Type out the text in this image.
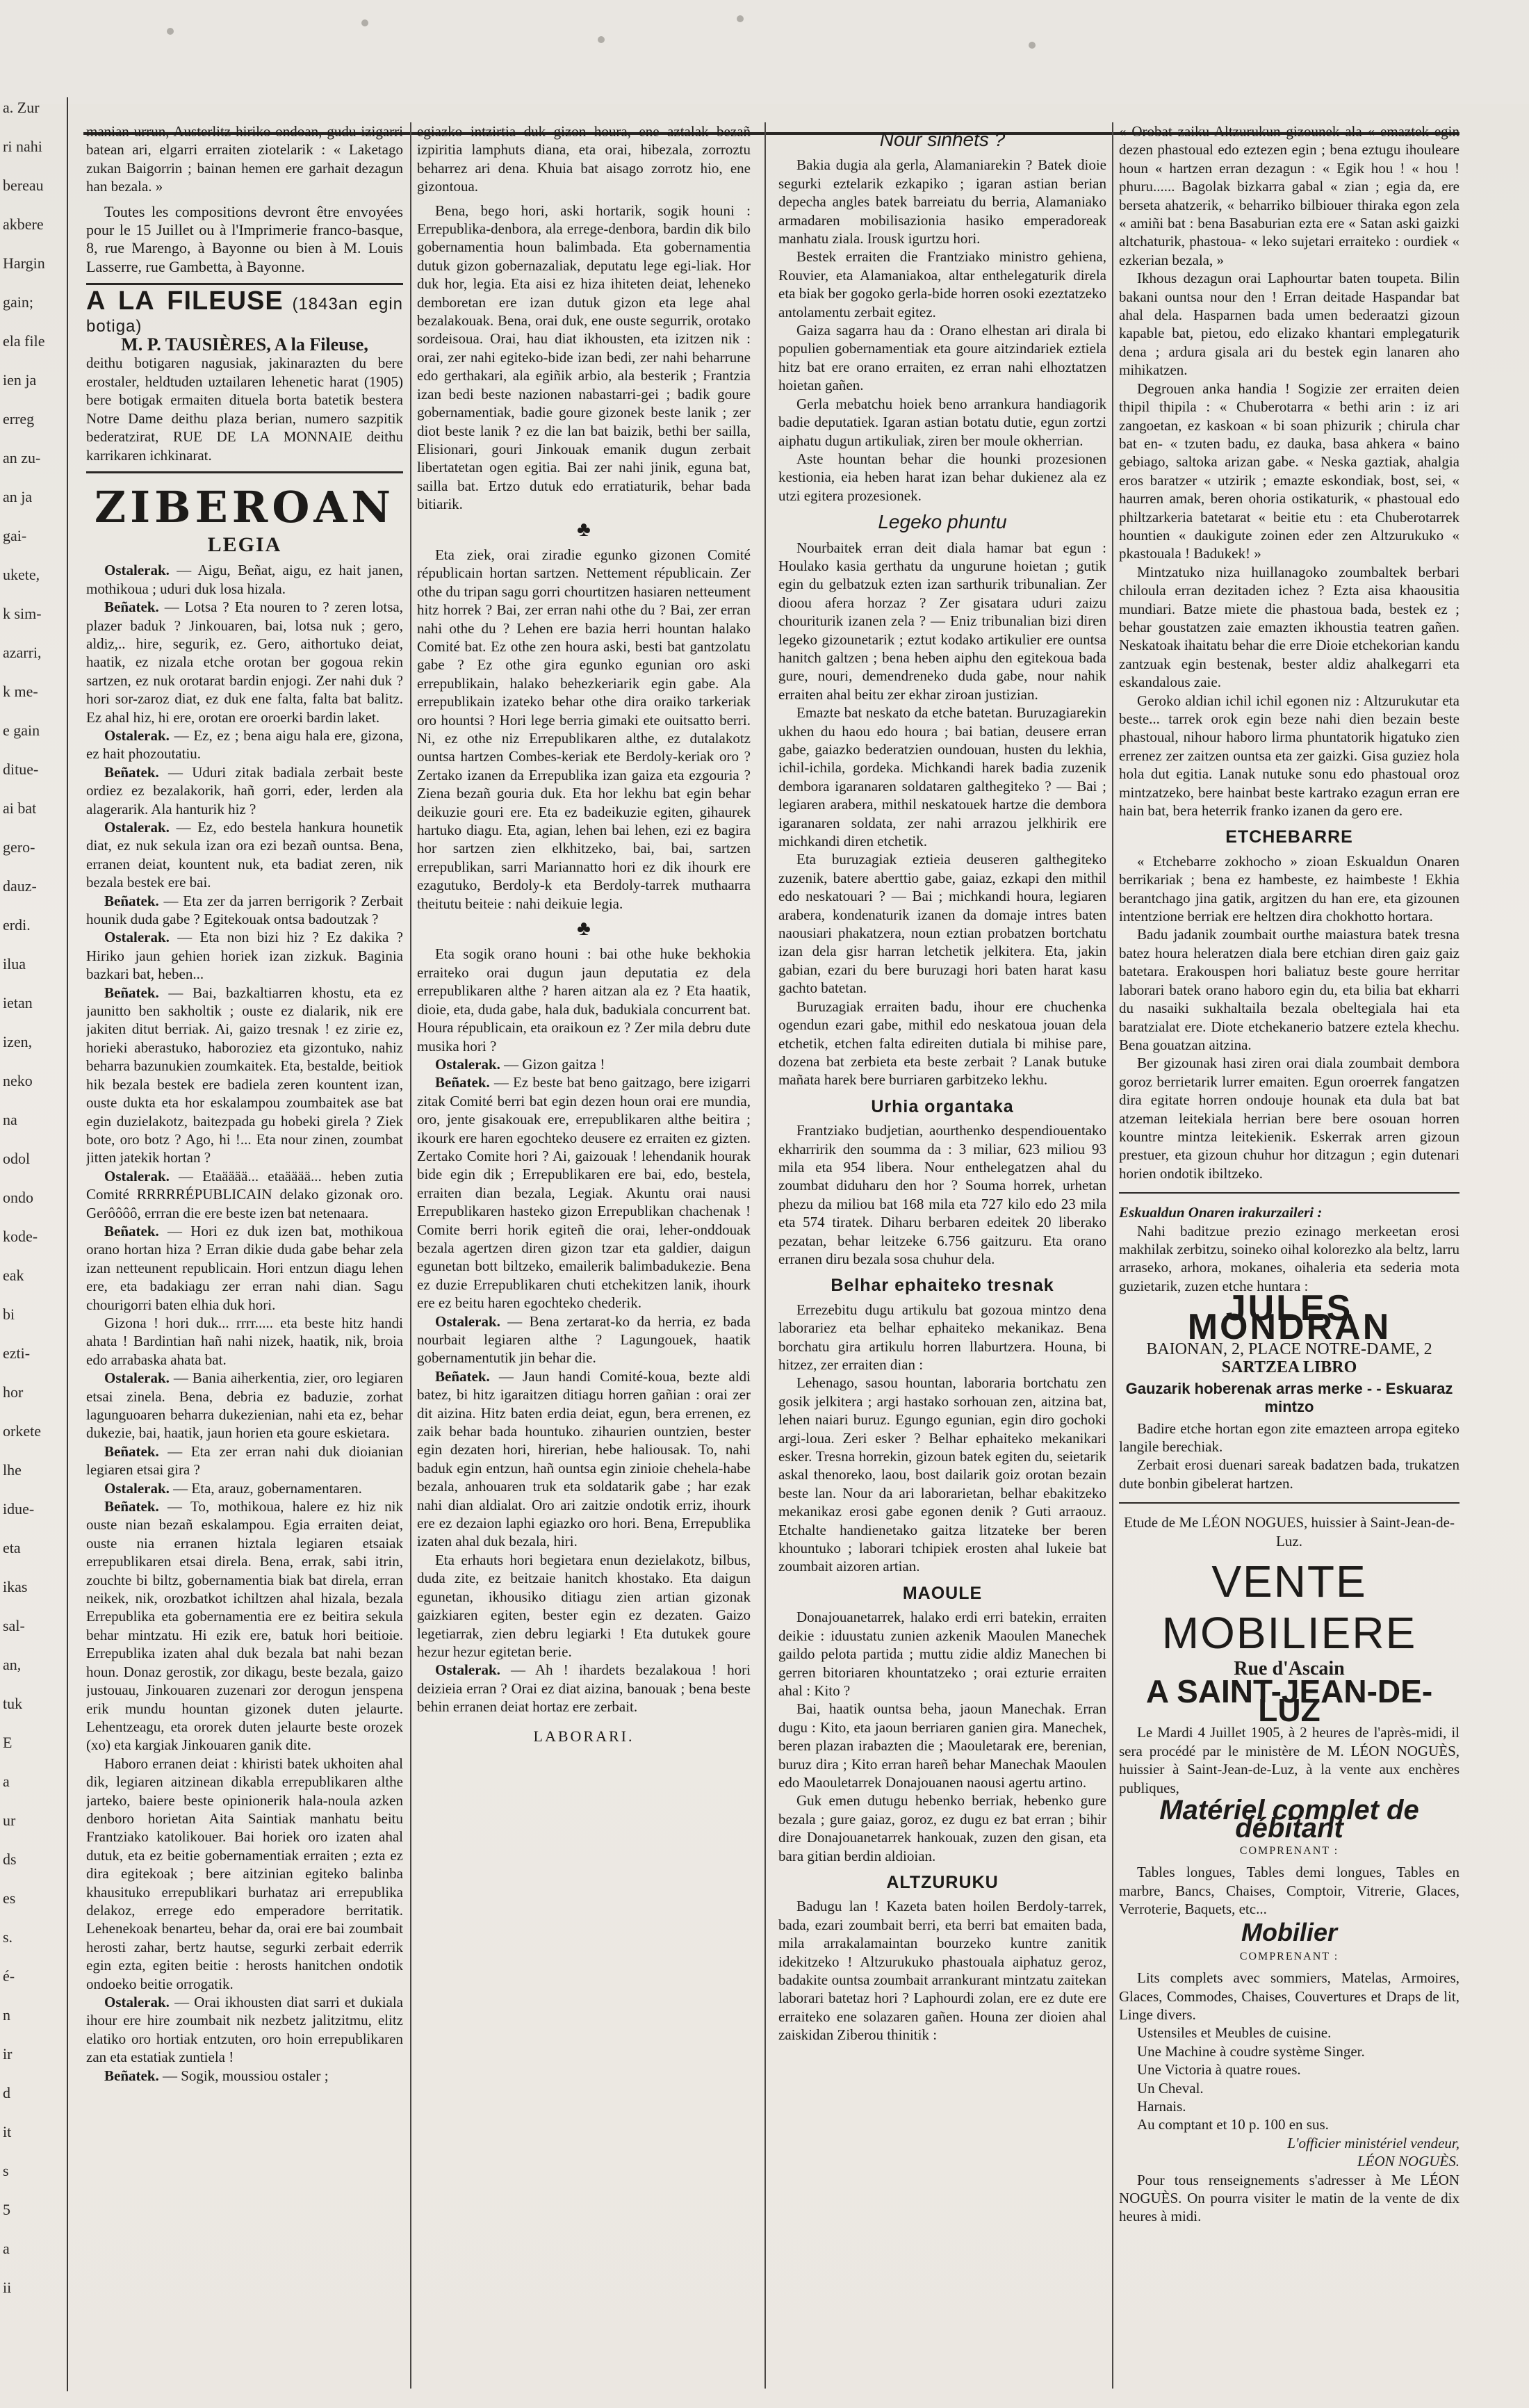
a. Zur
ri nahi
bereau
akbere
Hargin
gain;
ela file
ien ja
erreg
an zu-
an ja
gai-
ukete,
k sim-
azarri,
k me-
e gain
ditue-
ai bat
gero-
dauz-
erdi.
ilua
ietan
izen,
neko
na
odol
ondo
kode-
eak
bi
ezti-
hor
orkete
lhe
idue-
eta
ikas
sal-
an,
tuk
E
a
ur
ds
es
s.
é-
n
ir
d
it
s
5
a
ii

manian urrun, Austerlitz hiriko ondoan, gudu izigarri batean ari, elgarri erraiten ziotelarik : « Laketago zukan Baigorrin ; bainan hemen ere garhait dezagun han bezala. »

Toutes les compositions devront être envoyées pour le 15 Juillet ou à l'Imprimerie franco-basque, 8, rue Marengo, à Bayonne ou bien à M. Louis Lasserre, rue Gambetta, à Bayonne.

A LA FILEUSE (1843an egin botiga)
M. P. TAUSIÈRES, A la Fileuse,

deithu botigaren nagusiak, jakinarazten du bere erostaler, heldtuden uztailaren lehenetic harat (1905) bere botigak ermaiten dituela borta batetik bestera Notre Dame deithu plaza berian, numero sazpitik bederatzirat, RUE DE LA MONNAIE deithu karrikaren ichkinarat.

ZIBEROAN
LEGIA

Ostalerak. — Aigu, Beñat, aigu, ez hait janen, mothikoua ; uduri duk losa hizala.

Beñatek. — Lotsa ? Eta nouren to ? zeren lotsa, plazer baduk ? Jinkouaren, bai, lotsa nuk ; gero, aldiz,.. hire, segurik, ez. Gero, aithortuko deiat, haatik, ez nizala etche orotan ber gogoua rekin sartzen, ez nuk orotarat bardin enjogi. Zer nahi duk ? hori sor-zaroz diat, ez duk ene falta, falta bat balitz. Ez ahal hiz, hi ere, orotan ere oroerki bardin laket.

Ostalerak. — Ez, ez ; bena aigu hala ere, gizona, ez hait phozoutatiu.

Beñatek. — Uduri zitak badiala zerbait beste ordiez ez bezalakorik, hañ gorri, eder, lerden ala alagerarik. Ala hanturik hiz ?

Ostalerak. — Ez, edo bestela hankura hounetik diat, ez nuk sekula izan ora ezi bezañ ountsa. Bena, erranen deiat, kountent nuk, eta badiat zeren, nik bezala bestek ere bai.

Beñatek. — Eta zer da jarren berrigorik ? Zerbait hounik duda gabe ? Egitekouak ontsa badoutzak ?

Ostalerak. — Eta non bizi hiz ? Ez dakika ? Hiriko jaun gehien horiek izan zizkuk. Baginia bazkari bat, heben...

Beñatek. — Bai, bazkaltiarren khostu, eta ez jaunitto ben sakholtik ; ouste ez dialarik, nik ere jakiten ditut berriak. Ai, gaizo tresnak ! ez zirie ez, horieki aberastuko, haboroziez eta gizontuko, nahiz beharra bazunukien zoumkaitek. Eta, bestalde, beitiok hik bezala bestek ere badiela zeren kountent izan, ouste dukta eta hor eskalampou zoumbaitek ase bat egin duzielakotz, baitezpada gu hobeki girela ? Ziek bote, oro botz ? Ago, hi !... Eta nour zinen, zoumbat jitten jatekik hortan ?

Ostalerak. — Etaääää... etaääää... heben zutia Comité RRRRRÉPUBLICAIN delako gizonak oro. Gerôôôô, errran die ere beste izen bat netenaara.

Beñatek. — Hori ez duk izen bat, mothikoua orano hortan hiza ? Erran dikie duda gabe behar zela izan netteunent republicain. Hori entzun diagu lehen ere, eta badakiagu zer erran nahi dian. Sagu chourigorri baten elhia duk hori.

Gizona ! hori duk... rrrr..... eta beste hitz handi ahata ! Bardintian hañ nahi nizek, haatik, nik, broia edo arrabaska ahata bat.

Ostalerak. — Bania aiherkentia, zier, oro legiaren etsai zinela. Bena, debria ez baduzie, zorhat lagunguoaren beharra dukezienian, nahi eta ez, behar dukezie, bai, haatik, jaun horien eta goure eskietara.

Beñatek. — Eta zer erran nahi duk dioianian legiaren etsai gira ?

Ostalerak. — Eta, arauz, gobernamentaren.

Beñatek. — To, mothikoua, halere ez hiz nik ouste nian bezañ eskalampou. Egia erraiten deiat, ouste nia erranen hiztala legiaren etsaiak errepublikaren etsai direla. Bena, errak, sabi itrin, zouchte bi biltz, gobernamentia biak bat direla, erran neikek, nik, orozbatkot ichiltzen ahal hizala, bezala Errepublika eta gobernamentia ere ez beitira sekula behar mintzatu. Hi ezik ere, batuk hori beitioie. Errepublika izaten ahal duk bezala bat nahi bezan houn. Donaz gerostik, zor dikagu, beste bezala, gaizo justouau, Jinkouaren zuzenari zor derogun jenspena erik mundu hountan gizonek duten jelaurte. Lehentzeagu, eta ororek duten jelaurte beste orozek (xo) eta kargiak Jinkouaren ganik dite.

Haboro erranen deiat : khiristi batek ukhoiten ahal dik, legiaren aitzinean dikabla errepublikaren althe jarteko, baiere beste opinionerik hala-noula azken denboro horietan Aita Saintiak manhatu beitu Frantziako katolikouer. Bai horiek oro izaten ahal dutuk, eta ez beitie gobernamentiak erraiten ; ezta ez dira egitekoak ; bere aitzinian egiteko balinba khausituko errepublikari burhataz ari errepublika delakoz, errege edo emperadore berritatik. Lehenekoak benarteu, behar da, orai ere bai zoumbait herosti zahar, bertz hautse, segurki zerbait ederrik egin ezta, egiten beitie : herosts hanitchen ondotik ondoeko beitie orrogatik.

Ostalerak. — Orai ikhousten diat sarri et dukiala ihour ere hire zoumbait nik nezbetz jalitzitmu, elitz elatiko oro hortiak entzuten, oro hoin errepublikaren zan eta estatiak zuntiela !

Beñatek. — Sogik, moussiou ostaler ;

egiazko intzirtia duk gizon houra, ene aztalak bezañ izpiritia lamphuts diana, eta orai, hibezala, zorroztu beharrez ari dena. Khuia bat aisago zorrotz hio, ene gizontoua.

Bena, bego hori, aski hortarik, sogik houni : Errepublika-denbora, ala errege-denbora, bardin dik bilo gobernamentia houn balimbada. Eta gobernamentia dutuk gizon gobernazaliak, deputatu lege egi-liak. Hor duk hor, legia. Eta aisi ez hiza ihiteten deiat, leheneko demboretan ere izan dutuk gizon eta lege ahal bezalakouak. Bena, orai duk, ene ouste segurrik, orotako sordeisoua. Orai, hau diat ikhousten, eta izitzen nik : orai, zer nahi egiteko-bide izan bedi, zer nahi beharrune edo gerthakari, ala egiñik arbio, ala besterik ; Frantzia izan bedi beste nazionen nabastarri-gei ; badik goure gobernamentiak, badie goure gizonek beste lanik ; zer diot beste lanik ? ez die lan bat baizik, bethi ber sailla, Elisionari, gouri Jinkouak emanik dugun zerbait libertatetan ogen egitia. Bai zer nahi jinik, eguna bat, sailla bat. Ertzo dutuk edo erratiaturik, behar bada bitiarik.

♣

Eta ziek, orai ziradie egunko gizonen Comité républicain hortan sartzen. Nettement républicain. Zer othe du tripan sagu gorri chourtitzen hasiaren netteument hitz horrek ? Bai, zer erran nahi othe du ? Bai, zer erran nahi othe du ? Lehen ere bazia herri hountan halako Comité bat. Ez othe zen houra aski, besti bat gantzolatu gabe ? Ez othe gira egunko egunian oro aski errepublikain, halako behezkeriarik egin gabe. Ala errepublikain izateko behar othe dira oraiko tarkeriak oro hountsi ? Hori lege berria gimaki ete ouitsatto berri. Ni, ez othe niz Errepublikaren althe, ez dutalakotz ountsa hartzen Combes-keriak ete Berdoly-keriak oro ? Zertako izanen da Errepublika izan gaiza eta ezgouria ? Ziena bezañ gouria duk. Eta hor lekhu bat egin behar deikuzie gouri ere. Eta ez badeikuzie egiten, gihaurek hartuko diagu. Eta, agian, lehen bai lehen, ezi ez bagira hor sartzen zien elkhitzeko, bai, bai, sartzen errepublikan, sarri Mariannatto hori ez dik ihourk ere ezagutuko, Berdoly-k eta Berdoly-tarrek muthaarra theitutu beiteie : nahi deikuie legia.

♣

Eta sogik orano houni : bai othe huke bekhokia erraiteko orai dugun jaun deputatia ez dela errepublikaren althe ? haren aitzan ala ez ? Eta haatik, dioie, eta, duda gabe, hala duk, badukiala concurrent bat. Houra républicain, eta oraikoun ez ? Zer mila debru dute musika hori ?

Ostalerak. — Gizon gaitza !

Beñatek. — Ez beste bat beno gaitzago, bere izigarri zitak Comité berri bat egin dezen houn orai ere mundia, oro, jente gisakouak ere, errepublikaren althe beitira ; ikourk ere haren egochteko deusere ez erraiten ez gizten. Zertako Comite hori ? Ai, gaizouak ! lehendanik hourak bide egin dik ; Errepublikaren ere bai, edo, bestela, erraiten dian bezala, Legiak. Akuntu orai nausi Errepublikaren hasteko gizon Errepublikan chachenak ! Comite berri horik egiteñ die orai, leher-onddouak bezala agertzen diren gizon tzar eta galdier, daigun egunetan bott biltzeko, emailerik balimbadukezie. Bena ez duzie Errepublikaren chuti etchekitzen lanik, ihourk ere ez beitu haren egochteko chederik.

Ostalerak. — Bena zertarat-ko da herria, ez bada nourbait legiaren althe ? Lagungouek, haatik gobernamentutik jin behar die.

Beñatek. — Jaun handi Comité-koua, bezte aldi batez, bi hitz igaraitzen ditiagu horren gañian : orai zer dit aizina. Hitz baten erdia deiat, egun, bera errenen, ez zaik behar bada hountuko. zihaurien ountzien, bester egin dezaten hori, hirerian, hebe haliousak. To, nahi baduk egin entzun, hañ ountsa egin zinioie chehela-habe bezala, anhouaren truk eta soldatarik gabe ; har ezak nahi dian aldialat. Oro ari zaitzie ondotik erriz, ihourk ere ez dezaion laphi egiazko oro hori. Bena, Errepublika izaten ahal duk bezala, hiri.

Eta erhauts hori begietara enun dezielakotz, bilbus, duda zite, ez beitzaie hanitch khostako. Eta daigun egunetan, ikhousiko ditiagu zien artian gizonak gaizkiaren egiten, bester egin ez dezaten. Gaizo legetiarrak, zien debru legiarki ! Eta dutukek goure hezur hezur egitetan berie.

Ostalerak. — Ah ! ihardets bezalakoua ! hori deizieia erran ? Orai ez diat aizina, banouak ; bena beste behin erranen deiat hortaz ere zerbait.

LABORARI.
Nour sinhets ?

Bakia dugia ala gerla, Alamaniarekin ? Batek dioie segurki eztelarik ezkapiko ; igaran astian berian depecha angles batek barreiatu du berria, Alamaniako armadaren mobilisazionia hasiko emperadoreak manhatu ziala. Irousk igurtzu hori.

Bestek erraiten die Frantziako ministro gehiena, Rouvier, eta Alamaniakoa, altar enthelegaturik direla eta biak ber gogoko gerla-bide horren osoki ezeztatzeko antolamentu zerbait egitez.

Gaiza sagarra hau da : Orano elhestan ari dirala bi populien gobernamentiak eta goure aitzindariek eztiela hitz bat ere orano erraiten, ez erran nahi elhoztatzen hoietan gañen.

Gerla mebatchu hoiek beno arrankura handiagorik badie deputatiek. Igaran astian botatu dutie, egun zortzi aiphatu dugun artikuliak, ziren ber moule okherrian.

Aste hountan behar die hounki prozesionen kestionia, eia heben harat izan behar dukienez ala ez utzi egitera prozesionek.

Legeko phuntu

Nourbaitek erran deit diala hamar bat egun : Houlako kasia gerthatu da ungurune hoietan ; gutik egin du gelbatzuk ezten izan sarthurik tribunalian. Zer dioou afera horzaz ? Zer gisatara uduri zaizu chouriturik izanen zela ? — Eniz tribunalian bizi diren legeko gizounetarik ; eztut kodako artikulier ere ountsa hanitch galtzen ; bena heben aiphu den egitekoua bada gure, nouri, demendreneko duda gabe, nour nahik erraiten ahal beitu zer ekhar ziroan justizian.

Emazte bat neskato da etche batetan. Buruzagiarekin ukhen du haou edo houra ; bai batian, deusere erran gabe, gaiazko bederatzien oundouan, husten du lekhia, ichil-ichila, gordeka. Michkandi harek badia zuzenik dembora igaranaren soldataren galthegiteko ? — Bai ; legiaren arabera, mithil neskatouek hartze die dembora igaranaren soldata, zer nahi arrazou jelkhirik ere michkandi diren etchetik.

Eta buruzagiak eztieia deuseren galthegiteko zuzenik, batere aberttio gabe, gaiaz, ezkapi den mithil edo neskatouari ? — Bai ; michkandi houra, legiaren arabera, kondenaturik izanen da domaje intres baten naousiari phakatzera, noun eztian probatzen bortchatu izan dela gisr harran letchetik jelkitera. Eta, jakin gabian, ezari du bere buruzagi hori baten harat kasu gachto batetan.

Buruzagiak erraiten badu, ihour ere chuchenka ogendun ezari gabe, mithil edo neskatoua jouan dela etchetik, etchen falta edireiten dutiala bi mihise pare, dozena bat zerbieta eta beste zerbait ? Lanak butuke mañata harek bere burriaren garbitzeko lekhu.

Urhia organtaka

Frantziako budjetian, aourthenko despendiouentako ekharririk den soumma da : 3 miliar, 623 miliou 93 mila eta 954 libera. Nour enthelegatzen ahal du zoumbat diduharu den hor ? Souma horrek, urhetan phezu da miliou bat 168 mila eta 727 kilo edo 23 mila eta 574 tiratek. Diharu berbaren edeitek 20 liberako pezatan, behar leitzeke 6.756 gaitzuru. Eta orano erranen diru bezala sosa chuhur dela.

Belhar ephaiteko tresnak

Errezebitu dugu artikulu bat gozoua mintzo dena laborariez eta belhar ephaiteko mekanikaz. Bena borchatu gira artikulu horren llaburtzera. Houna, bi hitzez, zer erraiten dian :

Lehenago, sasou hountan, laboraria bortchatu zen gosik jelkitera ; argi hastako sorhouan zen, aitzina bat, lehen naiari buruz. Egungo egunian, egin diro gochoki argi-loua. Zeri esker ? Belhar ephaiteko mekanikari esker. Tresna horrekin, gizoun batek egiten du, seietarik askal thenoreko, laou, bost dailarik goiz orotan bezain beste lan. Nour da ari laborarietan, belhar ebakitzeko mekanikaz erosi gabe egonen denik ? Guti arraouz. Etchalte handienetako gaitza litzateke ber beren khountuko ; laborari tchipiek erosten ahal lukeie bat zoumbait aizoren artian.

MAOULE

Donajouanetarrek, halako erdi erri batekin, erraiten deikie : iduustatu zunien azkenik Maoulen Manechek gaildo pelota partida ; muttu zidie aldiz Manechen bi gerren bitoriaren khountatzeko ; orai ezturie erraiten ahal : Kito ?

Bai, haatik ountsa beha, jaoun Manechak. Erran dugu : Kito, eta jaoun berriaren ganien gira. Manechek, beren plazan irabazten die ; Maouletarak ere, berenian, buruz dira ; Kito erran hareñ behar Manechak Maoulen edo Maouletarrek Donajouanen naousi agertu artino.

Guk emen dutugu hebenko berriak, hebenko gure bezala ; gure gaiaz, goroz, ez dugu ez bat erran ; bihir dire Donajouanetarrek hankouak, zuzen den gisan, eta bara gitian berdin aldioian.

ALTZURUKU

Badugu lan ! Kazeta baten hoilen Berdoly-tarrek, bada, ezari zoumbait berri, eta berri bat emaiten bada, mila arrakalamaintan bourzeko kuntre zanitik idekitzeko ! Altzurukuko phastouala aiphatuz geroz, badakite ountsa zoumbait arrankurant mintzatu zaitekan laborari batetaz hori ? Laphourdi zolan, ere ez dute ere erraiteko ene solazaren gañen. Houna zer dioien ahal zaiskidan Ziberou thinitik :

« Orobat zaiku Altzurukun gizounek ala « emaztek egin dezen phastoual edo eztezen egin ; bena eztugu ihouleare houn « hartzen erran dezagun : « Egik hou ! « hou ! phuru...... Bagolak bizkarra gabal « zian ; egia da, ere berseta ahatzerik, « beharriko bilbiouer thiraka egon zela « amiñi bat : bena Basaburian ezta ere « Satan aski gaizki altchaturik, phastoua- « leko sujetari erraiteko : ourdiek « ezkerian bezala, »

Ikhous dezagun orai Laphourtar baten toupeta. Bilin bakani ountsa nour den ! Erran deitade Haspandar bat ahal dela. Hasparnen bada umen bederaatzi gizoun kapable bat, pietou, edo elizako khantari emplegaturik dena ; ardura gisala ari du bestek egin lanaren aho mihikatzen.

Degrouen anka handia ! Sogizie zer erraiten deien thipil thipila : « Chuberotarra « bethi arin : iz ari zangoetan, ez kaskoan « bi soan phizurik ; chirula char bat en- « tzuten badu, ez dauka, basa ahkera « baino gebiago, saltoka arizan gabe. « Neska gaztiak, ahalgia eros baratzer « utzirik ; emazte eskondiak, bost, sei, « haurren amak, beren ohoria ostikaturik, « phastoual edo philtzarkeria batetarat « beitie etu : eta Chuberotarrek hountien « daukigute zoinen eder zen Altzurukuko « pkastouala ! Badukek! »

Mintzatuko niza huillanagoko zoumbaltek berbari chiloula erran dezitaden ichez ? Ezta aisa khaousitia mundiari. Batze miete die phastoua bada, bestek ez ; behar goustatzen zaie emazten ikhoustia teatren gañen. Neskatoak ihaitatu behar die erre Dioie etchekorian kandu zantzuak egin bestenak, bester aldiz ahalkegarri eta eskandalous zaie.

Geroko aldian ichil ichil egonen niz : Altzurukutar eta beste... tarrek orok egin beze nahi dien bezain beste phastoual, nihour haboro lirma phuntatorik higatuko zien errenez zer zaitzen ountsa eta zer gaizki. Gisa guziez hola hola dut egitia. Lanak nutuke sonu edo phastoual oroz mintzatzeko, bere hainbat beste kartrako ezagun erran ere hain bat, bera heterrik franko izanen da gero ere.

ETCHEBARRE

« Etchebarre zokhocho » zioan Eskualdun Onaren berrikariak ; bena ez hambeste, ez haimbeste ! Ekhia berantchago jina gatik, argitzen du han ere, eta gizounen intentzione berriak ere heltzen dira chokhotto hortara.

Badu jadanik zoumbait ourthe maiastura batek tresna batez houra heleratzen diala bere etchian diren gaiz gaiz batetara. Erakouspen hori baliatuz beste goure herritar laborari batek orano haboro egin du, eta bilia bat ekharri du nasaiki sukhaltaila bezala obeltegiala hai eta baratzialat ere. Diote etchekanerio batzere eztela khechu. Bena gouatzan aitzina.

Ber gizounak hasi ziren orai diala zoumbait dembora goroz berrietarik lurrer emaiten. Egun oroerrek fangatzen dira egitate horren ondouje hounak eta dula bat bat atzeman leitekiala herrian bere bere osouan horren kountre mintza leitekienik. Eskerrak arren gizoun prestuer, eta gizoun chuhur hor ditzagun ; egin dutenari horien ondotik ibiltzeko.

Eskualdun Onaren irakurzaileri :

Nahi baditzue prezio ezinago merkeetan erosi makhilak zerbitzu, soineko oihal kolorezko ala beltz, larru arraseko, arhora, mokanes, oihaleria eta sederia mota guzietarik, zuzen etche huntara :

JULES MONDRAN
BAIONAN, 2, PLACE NOTRE-DAME, 2
SARTZEA LIBRO
Gauzarik hoberenak arras merke - - Eskuaraz mintzo

Badire etche hortan egon zite emazteen arropa egiteko langile berechiak.

Zerbait erosi duenari sareak badatzen bada, trukatzen dute bonbin gibelerat hartzen.

Etude de Me LÉON NOGUES, huissier à Saint-Jean-de-Luz.
VENTE MOBILIERE
Rue d'Ascain
A SAINT-JEAN-DE-LUZ

Le Mardi 4 Juillet 1905, à 2 heures de l'après-midi, il sera procédé par le ministère de M. LÉON NOGUÈS, huissier à Saint-Jean-de-Luz, à la vente aux enchères publiques,

Matériel complet de débitant
COMPRENANT :

Tables longues, Tables demi longues, Tables en marbre, Bancs, Chaises, Comptoir, Vitrerie, Glaces, Verroterie, Baquets, etc...

Mobilier
COMPRENANT :

Lits complets avec sommiers, Matelas, Armoires, Glaces, Commodes, Chaises, Couvertures et Draps de lit, Linge divers.

Ustensiles et Meubles de cuisine.

Une Machine à coudre système Singer.

Une Victoria à quatre roues.

Un Cheval.

Harnais.

Au comptant et 10 p. 100 en sus.

L'officier ministériel vendeur,
LÉON NOGUÈS.

Pour tous renseignements s'adresser à Me LÉON NOGUÈS. On pourra visiter le matin de la vente de dix heures à midi.
